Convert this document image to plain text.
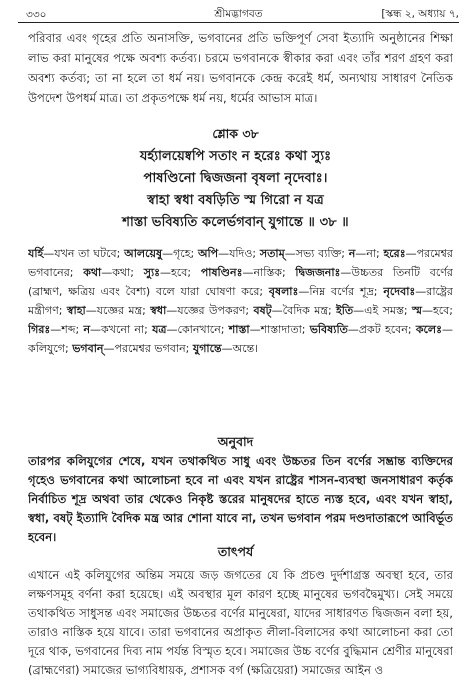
৩৩০	শ্রীমদ্ভাগবত	[স্কন্ধ ২, অধ্যায় ৭,

পরিবার এবং গৃহের প্রতি অনাসক্তি, ভগবানের প্রতি ভক্তিপূর্ণ সেবা ইত্যাদি অনুষ্ঠানের শিক্ষা লাভ করা মানুষের পক্ষে অবশ্য কর্তব্য। চরমে ভগবানকে স্বীকার করা এবং তাঁর শরণ গ্রহণ করা অবশ্য কর্তব্য; তা না হলে তা ধর্ম নয়। ভগবানকে কেন্দ্র করেই ধর্ম, অন্যথায় সাধারণ নৈতিক উপদেশ উপধর্ম মাত্র। তা প্রকৃতপক্ষে ধর্ম নয়, ধর্মের আভাস মাত্র।

শ্লোক ৩৮
যর্হ্যালয়েষ্বপি সতাং ন হরেঃ কথা স্যুঃ
পাষণ্ডিনো দ্বিজজনা বৃষলা নৃদেবাঃ।
স্বাহা স্বধা বষড়িতি স্ম গিরো ন যত্র
শাস্তা ভবিষ্যতি কলের্ভগবান্ যুগান্তে ॥ ৩৮ ॥

যর্হি—যখন তা ঘটবে; আলয়েষু—গৃহে; অপি—যদিও; সতাম্—সভ্য ব্যক্তি; ন—না; হরেঃ—পরমেশ্বর ভগবানের; কথা—কথা; স্যুঃ—হবে; পাষণ্ডিনঃ—নাস্তিক; দ্বিজজনাঃ—উচ্চতর তিনটি বর্ণের (ব্রাহ্মণ, ক্ষত্রিয় এবং বৈশ্য) বলে যারা ঘোষণা করে; বৃষলাঃ—নিম্ন বর্ণের শূদ্র; নৃদেবাঃ—রাষ্ট্রের মন্ত্রীগণ; স্বাহা—যজ্ঞের মন্ত্র; স্বধা—যজ্ঞের উপকরণ; বষট্—বৈদিক মন্ত্র; ইতি—এই সমস্ত; স্ম—হবে; গিরঃ—শব্দ; ন—কখনো না; যত্র—কোনখানে; শাস্তা—শাস্তাদাতা; ভবিষ্যতি—প্রকট হবেন; কলেঃ—কলিযুগে; ভগবান্—পরমেশ্বর ভগবান; যুগান্তে—অন্তে।

অনুবাদ

তারপর কলিযুগের শেষে, যখন তথাকথিত সাধু এবং উচ্চতর তিন বর্ণের সম্ভ্রান্ত ব্যক্তিদের গৃহেও ভগবানের কথা আলোচনা হবে না এবং যখন রাষ্ট্রের শাসন-ব্যবস্থা জনসাধারণ কর্তৃক নির্বাচিত শূদ্র অথবা তার থেকেও নিকৃষ্ট স্তরের মানুষদের হাতে ন্যস্ত হবে, এবং যখন স্বাহা, স্বধা, বষট্ ইত্যাদি বৈদিক মন্ত্র আর শোনা যাবে না, তখন ভগবান পরম দণ্ডদাতারূপে আবির্ভূত হবেন।

তাৎপর্য

এখানে এই কলিযুগের অন্তিম সময়ে জড় জগতের যে কি প্রচণ্ড দুর্দশাগ্রস্ত অবস্থা হবে, তার লক্ষণসমূহ বর্ণনা করা হয়েছে। এই অবস্থার মূল কারণ হচ্ছে মানুষের ভগবদ্বৈমুখ্য। সেই সময়ে তথাকথিত সাধুসন্ত এবং সমাজের উচ্চতর বর্ণের মানুষেরা, যাদের সাধারণত দ্বিজজন বলা হয়, তারাও নাস্তিক হয়ে যাবে। তারা ভগবানের অপ্রাকৃত লীলা-বিলাসের কথা আলোচনা করা তো দূরে থাক, ভগবানের দিব্য নাম পর্যন্ত বিস্মৃত হবে। সমাজের উচ্চ বর্ণের বুদ্ধিমান শ্রেণীর মানুষেরা (ব্রাহ্মণেরা) সমাজের ভাগ্যবিধায়ক, প্রশাসক বর্গ (ক্ষত্রিয়েরা) সমাজের আইন ও
